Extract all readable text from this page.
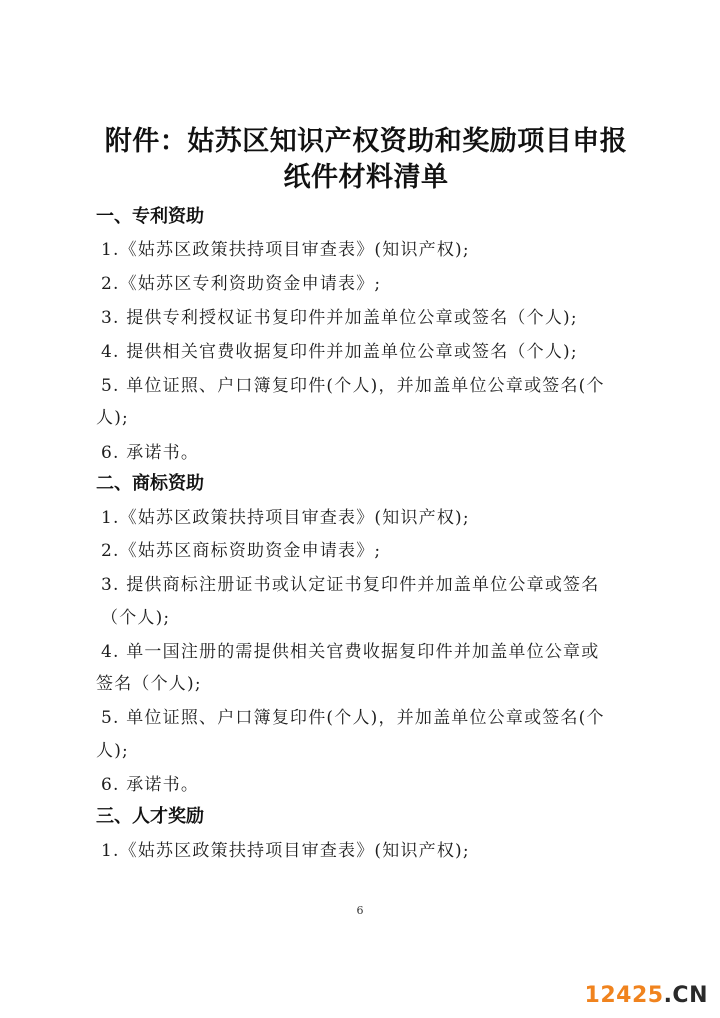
附件：姑苏区知识产权资助和奖励项目申报
纸件材料清单
一、专利资助
1.《姑苏区政策扶持项目审查表》(知识产权);
2.《姑苏区专利资助资金申请表》;
3. 提供专利授权证书复印件并加盖单位公章或签名（个人);
4. 提供相关官费收据复印件并加盖单位公章或签名（个人);
5. 单位证照、户口簿复印件(个人)，并加盖单位公章或签名(个
人);
6. 承诺书。
二、商标资助
1.《姑苏区政策扶持项目审查表》(知识产权);
2.《姑苏区商标资助资金申请表》;
3. 提供商标注册证书或认定证书复印件并加盖单位公章或签名
（个人);
4. 单一国注册的需提供相关官费收据复印件并加盖单位公章或
签名（个人);
5. 单位证照、户口簿复印件(个人)，并加盖单位公章或签名(个
人);
6. 承诺书。
三、人才奖励
1.《姑苏区政策扶持项目审查表》(知识产权);
6
12425.CN
